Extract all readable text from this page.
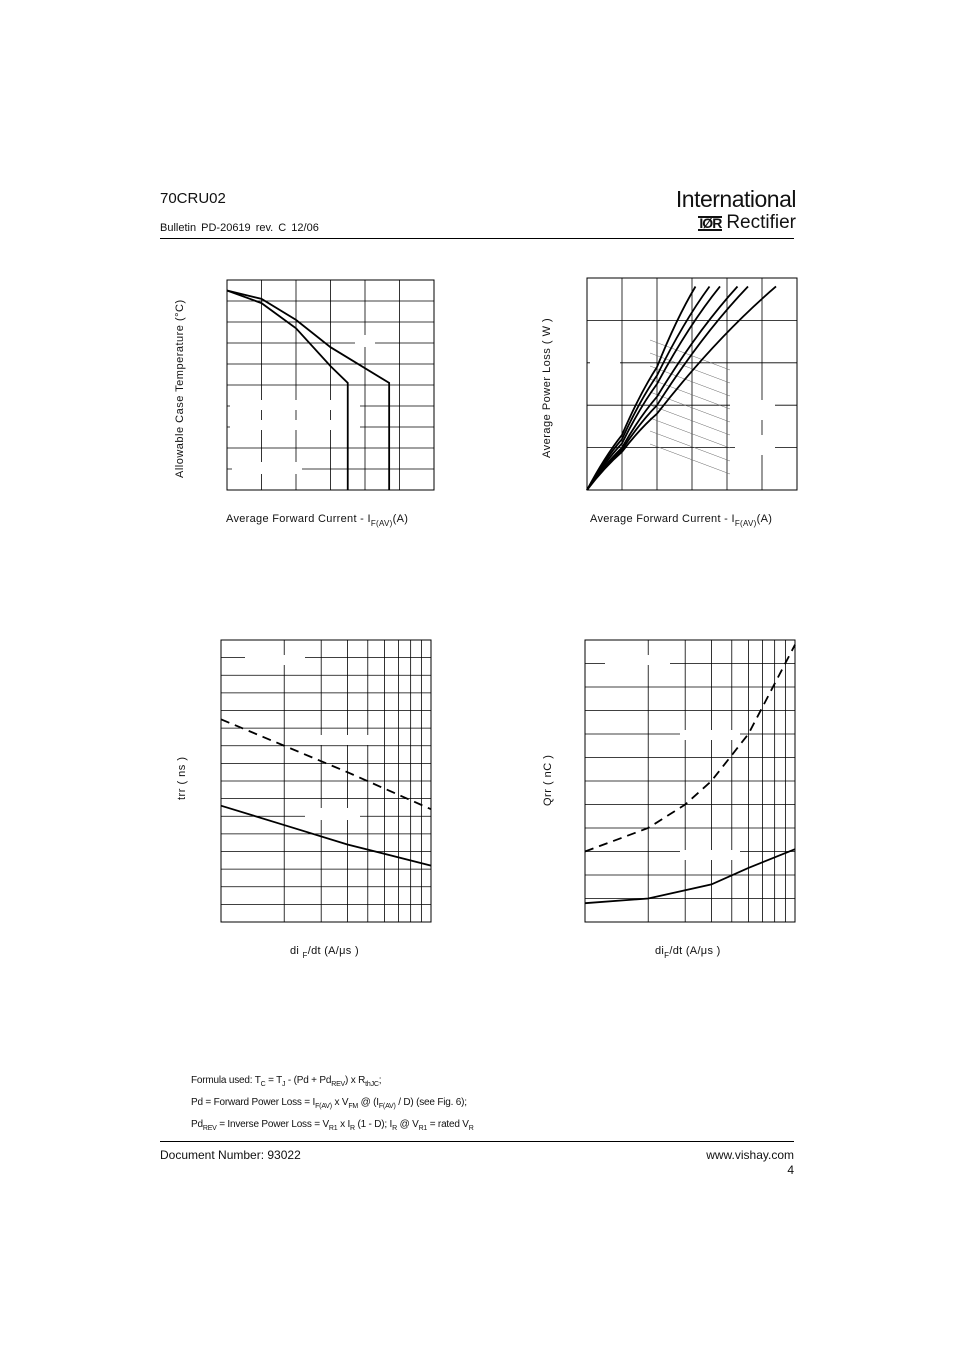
70CRU02
Bulletin PD-20619 rev. C 12/06
International
IØR Rectifier
Allowable Case Temperature (°C)
Average Forward Current - $I_{F(AV)}(A)$
Average Power Loss ( W )
Average Forward Current - $I_{F(AV)}(A)$
trr ( ns )
di $_F$/dt (A/μs )
Qrr ( nC )
$di_F/dt$ (A/μs )
Formula used: $T_C = T_J - (Pd + Pd_{REV})$ x $R_{thJC}$;
Pd = Forward Power Loss = $I_{F(AV)}$ x $V_{FM}$ @ $(I_{F(AV)} / D)$ (see Fig. 6);
$Pd_{REV}$ = Inverse Power Loss = $V_{R1}$ x $I_R$ (1 - D); $I_R$ @ $V_{R1}$ = rated $V_R$
Document Number: 93022	www.vishay.com
4
